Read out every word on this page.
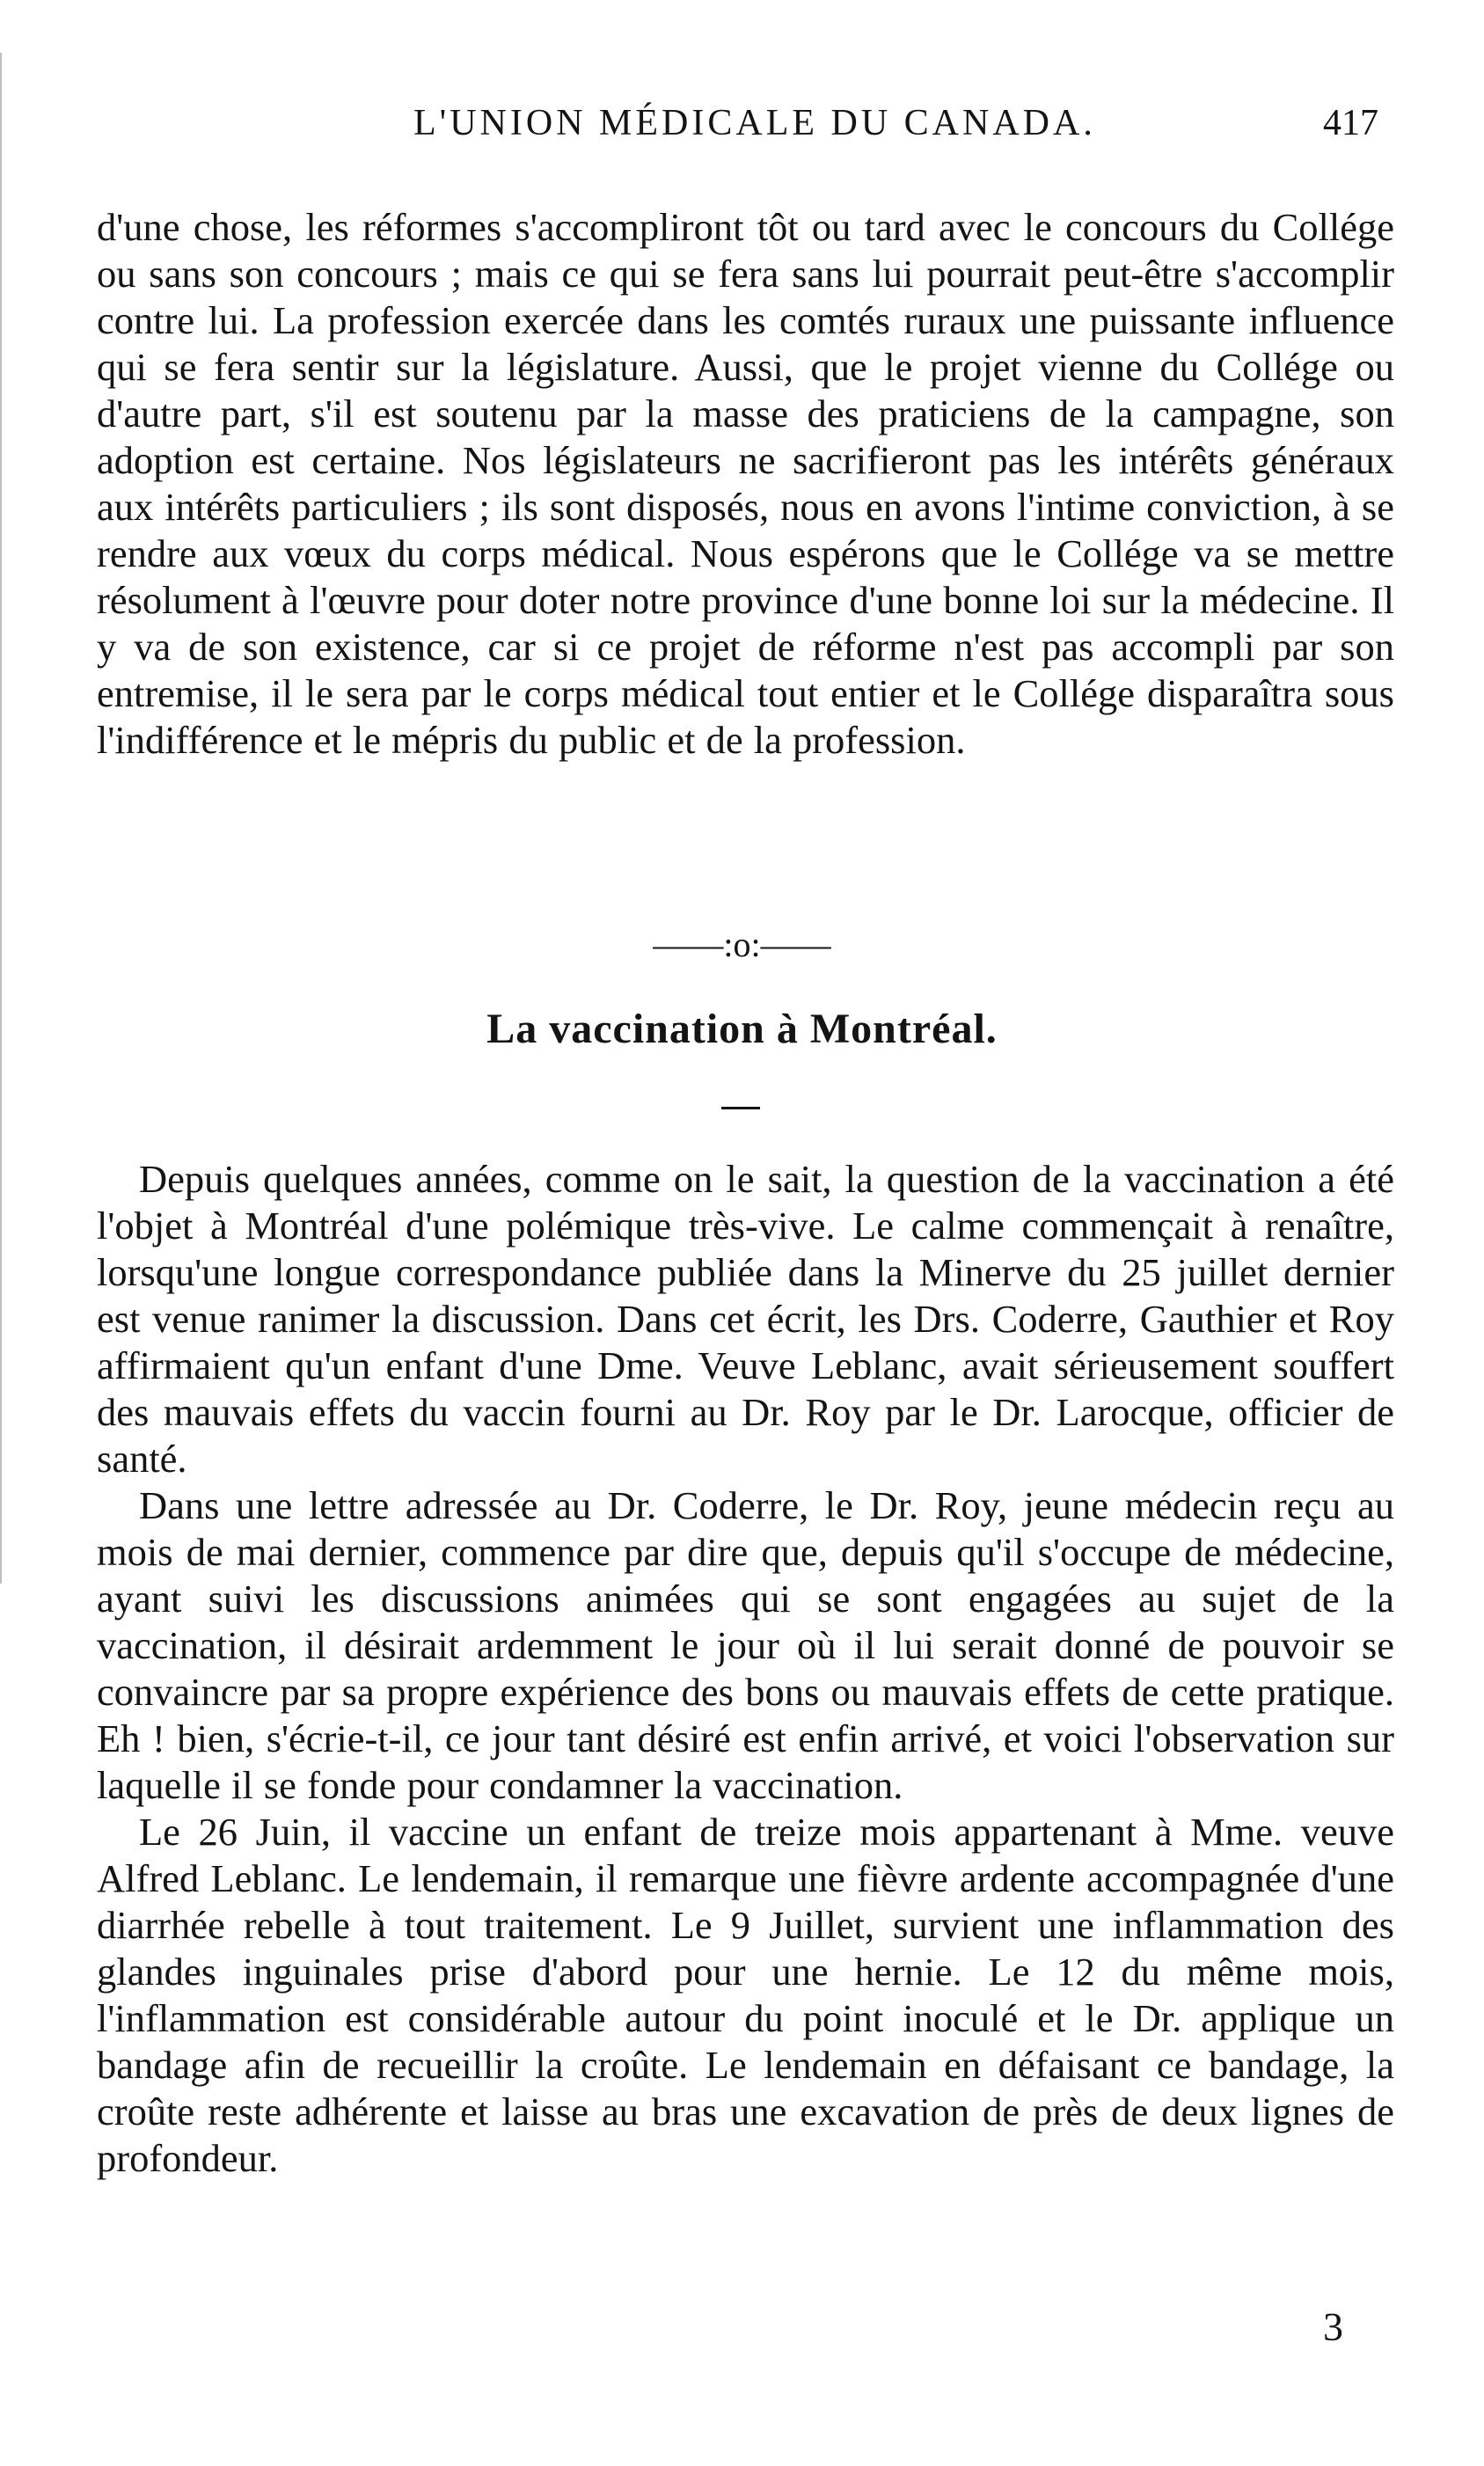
L'UNION MÉDICALE DU CANADA.	417

d'une chose, les réformes s'accompliront tôt ou tard avec le concours du Collége ou sans son concours ; mais ce qui se fera sans lui pourrait peut-être s'accomplir contre lui. La profession exercée dans les comtés ruraux une puissante influence qui se fera sentir sur la législature. Aussi, que le projet vienne du Collége ou d'autre part, s'il est soutenu par la masse des praticiens de la campagne, son adoption est certaine. Nos législateurs ne sacrifieront pas les intérêts généraux aux intérêts particuliers ; ils sont disposés, nous en avons l'intime conviction, à se rendre aux vœux du corps médical. Nous espérons que le Collége va se mettre résolument à l'œuvre pour doter notre province d'une bonne loi sur la médecine. Il y va de son existence, car si ce projet de réforme n'est pas accompli par son entremise, il le sera par le corps médical tout entier et le Collége disparaîtra sous l'indifférence et le mépris du public et de la profession.

——:o:——
La vaccination à Montréal.

Depuis quelques années, comme on le sait, la question de la vaccination a été l'objet à Montréal d'une polémique très-vive. Le calme commençait à renaître, lorsqu'une longue correspondance publiée dans la Minerve du 25 juillet dernier est venue ranimer la discussion. Dans cet écrit, les Drs. Coderre, Gauthier et Roy affirmaient qu'un enfant d'une Dme. Veuve Leblanc, avait sérieusement souffert des mauvais effets du vaccin fourni au Dr. Roy par le Dr. Larocque, officier de santé.

Dans une lettre adressée au Dr. Coderre, le Dr. Roy, jeune médecin reçu au mois de mai dernier, commence par dire que, depuis qu'il s'occupe de médecine, ayant suivi les discussions animées qui se sont engagées au sujet de la vaccination, il désirait ardemment le jour où il lui serait donné de pouvoir se convaincre par sa propre expérience des bons ou mauvais effets de cette pratique. Eh ! bien, s'écrie-t-il, ce jour tant désiré est enfin arrivé, et voici l'observation sur laquelle il se fonde pour condamner la vaccination.

Le 26 Juin, il vaccine un enfant de treize mois appartenant à Mme. veuve Alfred Leblanc. Le lendemain, il remarque une fièvre ardente accompagnée d'une diarrhée rebelle à tout traitement. Le 9 Juillet, survient une inflammation des glandes inguinales prise d'abord pour une hernie. Le 12 du même mois, l'inflammation est considérable autour du point inoculé et le Dr. applique un bandage afin de recueillir la croûte. Le lendemain en défaisant ce bandage, la croûte reste adhérente et laisse au bras une excavation de près de deux lignes de profondeur.

3
